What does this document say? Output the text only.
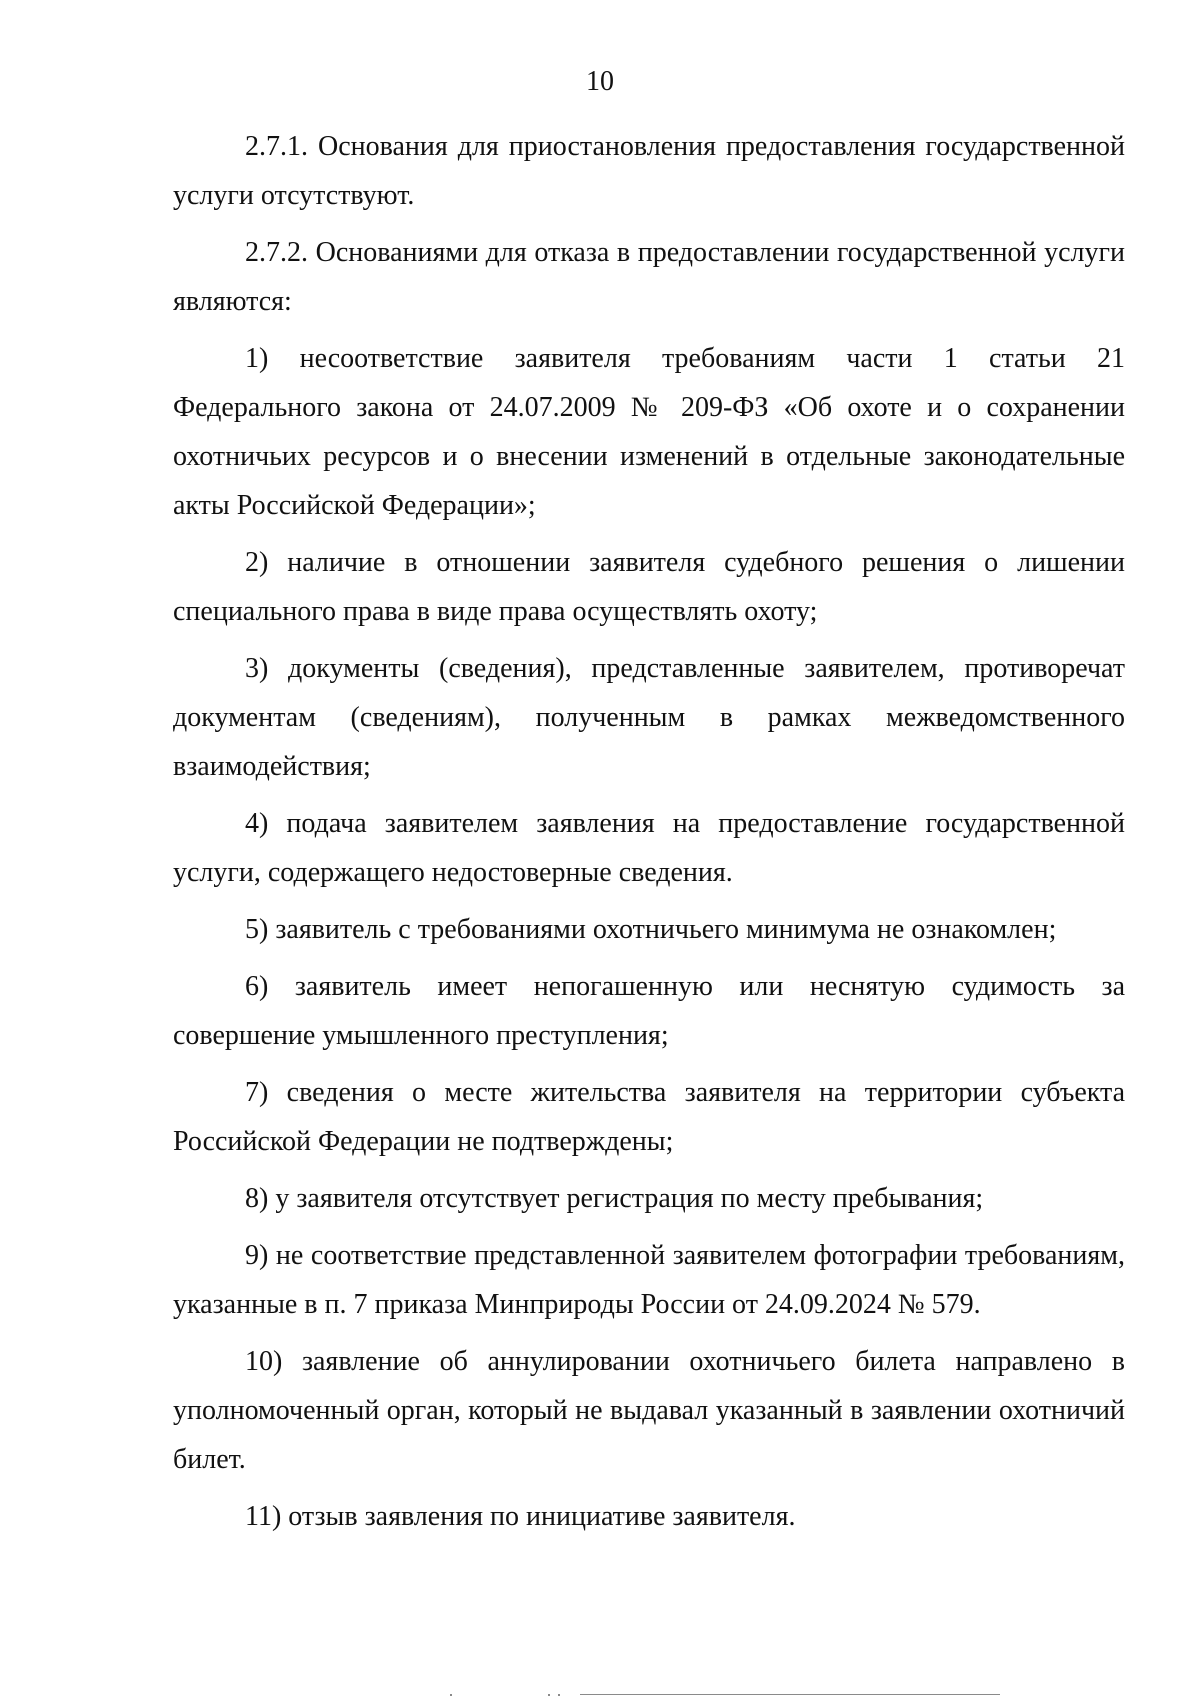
10

2.7.1. Основания для приостановления предоставления государственной услуги отсутствуют.

2.7.2. Основаниями для отказа в предоставлении государственной услуги являются:

1) несоответствие заявителя требованиям части 1 статьи 21 Федерального закона от 24.07.2009 № 209-ФЗ «Об охоте и о сохранении охотничьих ресурсов и о внесении изменений в отдельные законодательные акты Российской Федерации»;

2) наличие в отношении заявителя судебного решения о лишении специального права в виде права осуществлять охоту;

3) документы (сведения), представленные заявителем, противоречат документам (сведениям), полученным в рамках межведомственного взаимодействия;

4) подача заявителем заявления на предоставление государственной услуги, содержащего недостоверные сведения.

5) заявитель с требованиями охотничьего минимума не ознакомлен;

6) заявитель имеет непогашенную или неснятую судимость за совершение умышленного преступления;

7) сведения о месте жительства заявителя на территории субъекта Российской Федерации не подтверждены;

8) у заявителя отсутствует регистрация по месту пребывания;

9) не соответствие представленной заявителем фотографии требованиям, указанные в п. 7 приказа Минприроды России от 24.09.2024 № 579.

10) заявление об аннулировании охотничьего билета направлено в уполномоченный орган, который не выдавал указанный в заявлении охотничий билет.

11) отзыв заявления по инициативе заявителя.
